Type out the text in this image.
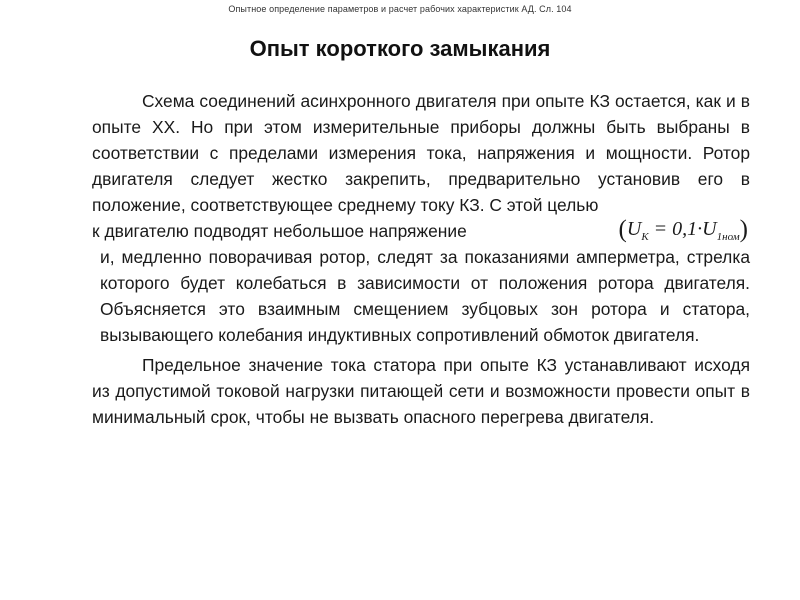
Опытное определение параметров и расчет рабочих характеристик АД. Сл. 104
Опыт короткого замыкания

Схема соединений асинхронного двигателя при опыте КЗ остается, как и в опыте ХХ. Но при этом измерительные приборы должны быть выбраны в соответствии с пределами измерения тока, напряжения и мощности. Ротор двигателя следует жестко закрепить, предварительно установив его в положение, соответствующее среднему току КЗ. С этой целью

к двигателю подводят небольшое напряжение	$(U_K = 0,1\cdot U_{1ном})$

и, медленно поворачивая ротор, следят за показаниями амперметра, стрелка которого будет колебаться в зависимости от положения ротора двигателя. Объясняется это взаимным смещением зубцовых зон ротора и статора, вызывающего колебания индуктивных сопротивлений обмоток двигателя.

Предельное значение тока статора при опыте КЗ устанавливают исходя из допустимой токовой нагрузки питающей сети и возможности провести опыт в минимальный срок, чтобы не вызвать опасного перегрева двигателя.
